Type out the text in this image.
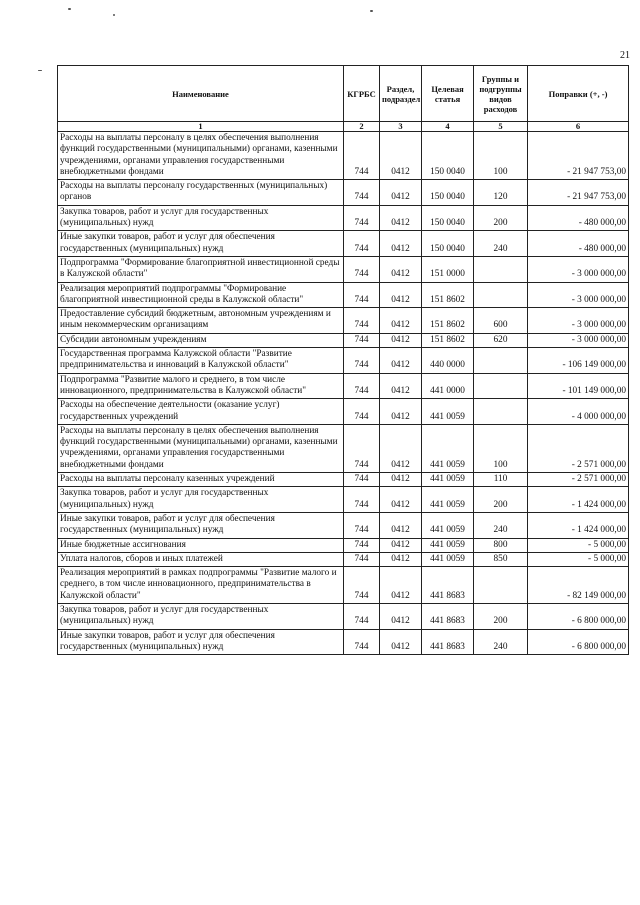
21
Наименование	КГРБС	Раздел, подраздел	Целевая статья	Группы и подгруппы видов расходов	Поправки (+, -)
1	2	3	4	5	6
Расходы на выплаты персоналу в целях обеспечения выполнения функций государственными (муниципальными) органами, казенными учреждениями, органами управления государственными внебюджетными фондами	744	0412	150 0040	100	- 21 947 753,00
Расходы на выплаты персоналу государственных (муниципальных) органов	744	0412	150 0040	120	- 21 947 753,00
Закупка товаров, работ и услуг для государственных (муниципальных) нужд	744	0412	150 0040	200	- 480 000,00
Иные закупки товаров, работ и услуг для обеспечения государственных (муниципальных) нужд	744	0412	150 0040	240	- 480 000,00
Подпрограмма "Формирование благоприятной инвестиционной среды в Калужской области"	744	0412	151 0000		- 3 000 000,00
Реализация мероприятий подпрограммы "Формирование благоприятной инвестиционной среды в Калужской области"	744	0412	151 8602		- 3 000 000,00
Предоставление субсидий бюджетным, автономным учреждениям и иным некоммерческим организациям	744	0412	151 8602	600	- 3 000 000,00
Субсидии автономным учреждениям	744	0412	151 8602	620	- 3 000 000,00
Государственная программа Калужской области "Развитие предпринимательства и инноваций в Калужской области"	744	0412	440 0000		- 106 149 000,00
Подпрограмма "Развитие малого и среднего, в том числе инновационного, предпринимательства в Калужской области"	744	0412	441 0000		- 101 149 000,00
Расходы на обеспечение деятельности (оказание услуг) государственных учреждений	744	0412	441 0059		- 4 000 000,00
Расходы на выплаты персоналу в целях обеспечения выполнения функций государственными (муниципальными) органами, казенными учреждениями, органами управления государственными внебюджетными фондами	744	0412	441 0059	100	- 2 571 000,00
Расходы на выплаты персоналу казенных учреждений	744	0412	441 0059	110	- 2 571 000,00
Закупка товаров, работ и услуг для государственных (муниципальных) нужд	744	0412	441 0059	200	- 1 424 000,00
Иные закупки товаров, работ и услуг для обеспечения государственных (муниципальных) нужд	744	0412	441 0059	240	- 1 424 000,00
Иные бюджетные ассигнования	744	0412	441 0059	800	- 5 000,00
Уплата налогов, сборов и иных платежей	744	0412	441 0059	850	- 5 000,00
Реализация мероприятий в рамках подпрограммы "Развитие малого и среднего, в том числе инновационного, предпринимательства в Калужской области"	744	0412	441 8683		- 82 149 000,00
Закупка товаров, работ и услуг для государственных (муниципальных) нужд	744	0412	441 8683	200	- 6 800 000,00
Иные закупки товаров, работ и услуг для обеспечения государственных (муниципальных) нужд	744	0412	441 8683	240	- 6 800 000,00
